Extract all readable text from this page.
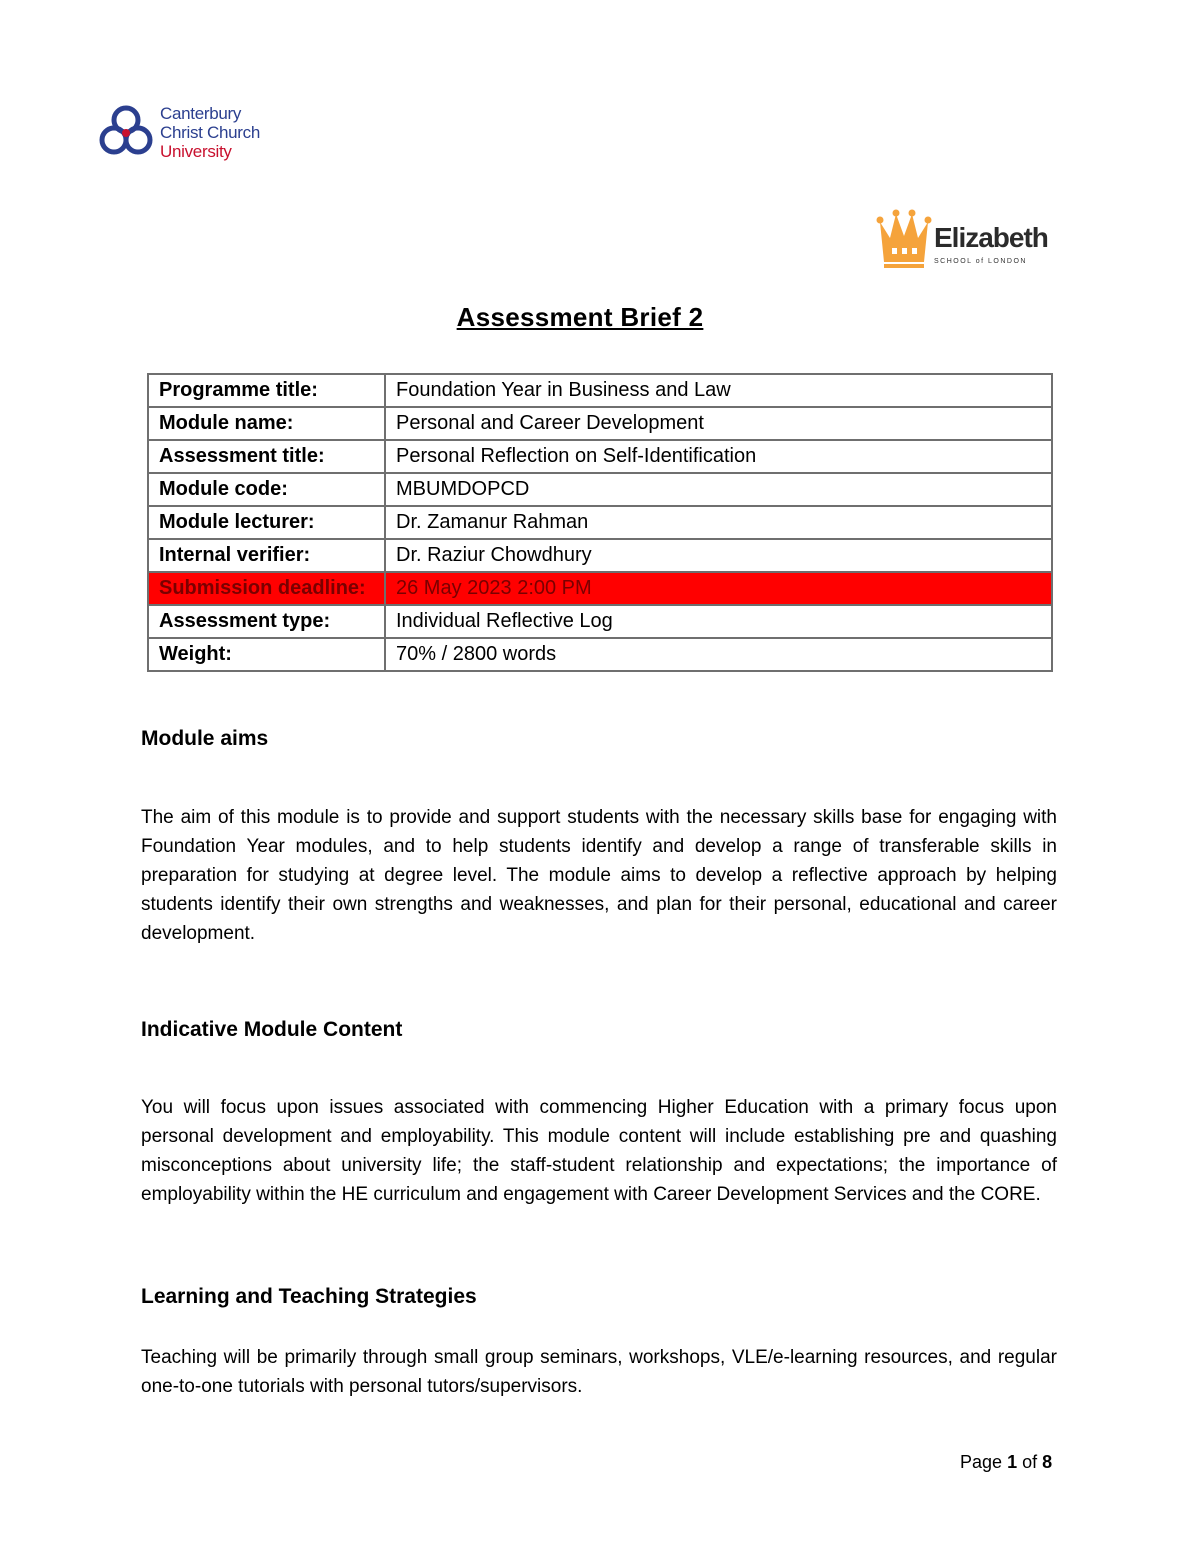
Canterbury
Christ Church
University
Elizabeth
SCHOOL of LONDON
Assessment Brief 2
Programme title:	Foundation Year in Business and Law
Module name:	Personal and Career Development
Assessment title:	Personal Reflection on Self-Identification
Module code:	MBUMDOPCD
Module lecturer:	Dr. Zamanur Rahman
Internal verifier:	Dr. Raziur Chowdhury
Submission deadline:	26 May 2023 2:00 PM
Assessment type:	Individual Reflective Log
Weight:	70% / 2800 words
Module aims

The aim of this module is to provide and support students with the necessary skills base for engaging with Foundation Year modules, and to help students identify and develop a range of transferable skills in preparation for studying at degree level. The module aims to develop a reflective approach by helping students identify their own strengths and weaknesses, and plan for their personal, educational and career development.

Indicative Module Content

You will focus upon issues associated with commencing Higher Education with a primary focus upon personal development and employability. This module content will include establishing pre and quashing misconceptions about university life; the staff-student relationship and expectations; the importance of employability within the HE curriculum and engagement with Career Development Services and the CORE.

Learning and Teaching Strategies

Teaching will be primarily through small group seminars, workshops, VLE/e-learning resources, and regular one-to-one tutorials with personal tutors/supervisors.

Page 1 of 8
